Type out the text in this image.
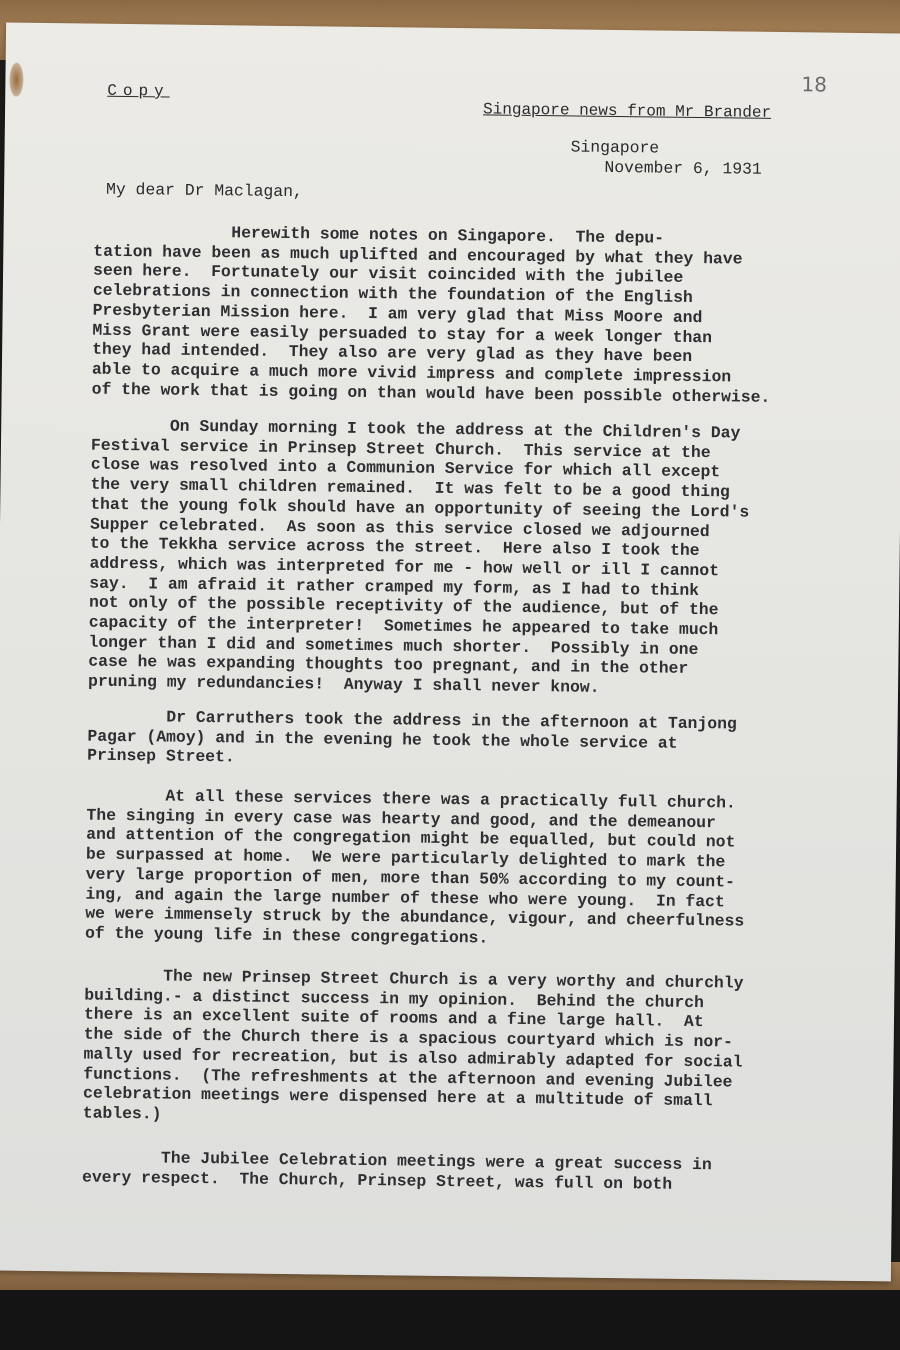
18
Copy
Singapore news from Mr Brander
Singapore
November 6, 1931
My dear Dr Maclagan,

Herewith some notes on Singapore.  The depu-
tation have been as much uplifted and encouraged by what they have
seen here.  Fortunately our visit coincided with the jubilee
celebrations in connection with the foundation of the English
Presbyterian Mission here.  I am very glad that Miss Moore and
Miss Grant were easily persuaded to stay for a week longer than
they had intended.  They also are very glad as they have been
able to acquire a much more vivid impress and complete impression
of the work that is going on than would have been possible otherwise.

On Sunday morning I took the address at the Children's Day
Festival service in Prinsep Street Church.  This service at the
close was resolved into a Communion Service for which all except
the very small children remained.  It was felt to be a good thing
that the young folk should have an opportunity of seeing the Lord's
Supper celebrated.  As soon as this service closed we adjourned
to the Tekkha service across the street.  Here also I took the
address, which was interpreted for me - how well or ill I cannot
say.  I am afraid it rather cramped my form, as I had to think
not only of the possible receptivity of the audience, but of the
capacity of the interpreter!  Sometimes he appeared to take much
longer than I did and sometimes much shorter.  Possibly in one
case he was expanding thoughts too pregnant, and in the other
pruning my redundancies!  Anyway I shall never know.

Dr Carruthers took the address in the afternoon at Tanjong
Pagar (Amoy) and in the evening he took the whole service at
Prinsep Street.

At all these services there was a practically full church.
The singing in every case was hearty and good, and the demeanour
and attention of the congregation might be equalled, but could not
be surpassed at home.  We were particularly delighted to mark the
very large proportion of men, more than 50% according to my count-
ing, and again the large number of these who were young.  In fact
we were immensely struck by the abundance, vigour, and cheerfulness
of the young life in these congregations.

The new Prinsep Street Church is a very worthy and churchly
building.- a distinct success in my opinion.  Behind the church
there is an excellent suite of rooms and a fine large hall.  At
the side of the Church there is a spacious courtyard which is nor-
mally used for recreation, but is also admirably adapted for social
functions.  (The refreshments at the afternoon and evening Jubilee
celebration meetings were dispensed here at a multitude of small
tables.)

The Jubilee Celebration meetings were a great success in
every respect.  The Church, Prinsep Street, was full on both
